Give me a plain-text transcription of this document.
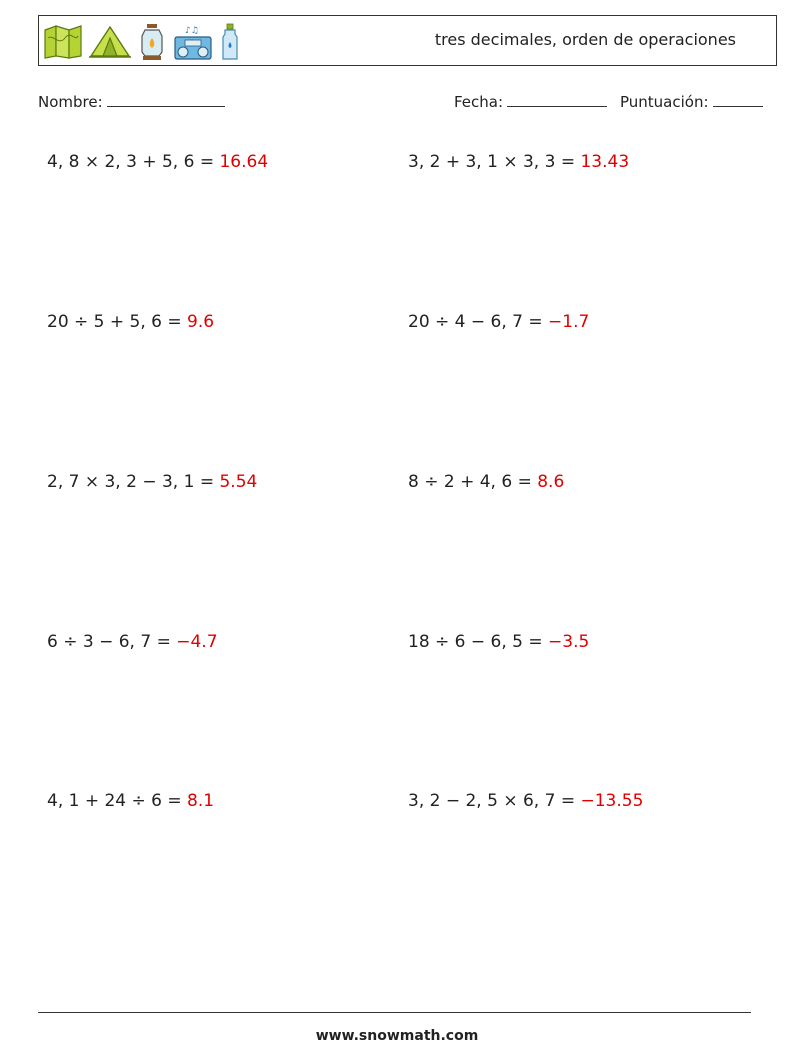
♪♫	tres decimales, orden de operaciones
Nombre:	Fecha:	Puntuación:
4, 8 × 2, 3 + 5, 6 = 16.64	3, 2 + 3, 1 × 3, 3 = 13.43
20 ÷ 5 + 5, 6 = 9.6	20 ÷ 4 − 6, 7 = −1.7
2, 7 × 3, 2 − 3, 1 = 5.54	8 ÷ 2 + 4, 6 = 8.6
6 ÷ 3 − 6, 7 = −4.7	18 ÷ 6 − 6, 5 = −3.5
4, 1 + 24 ÷ 6 = 8.1	3, 2 − 2, 5 × 6, 7 = −13.55
www.snowmath.com
